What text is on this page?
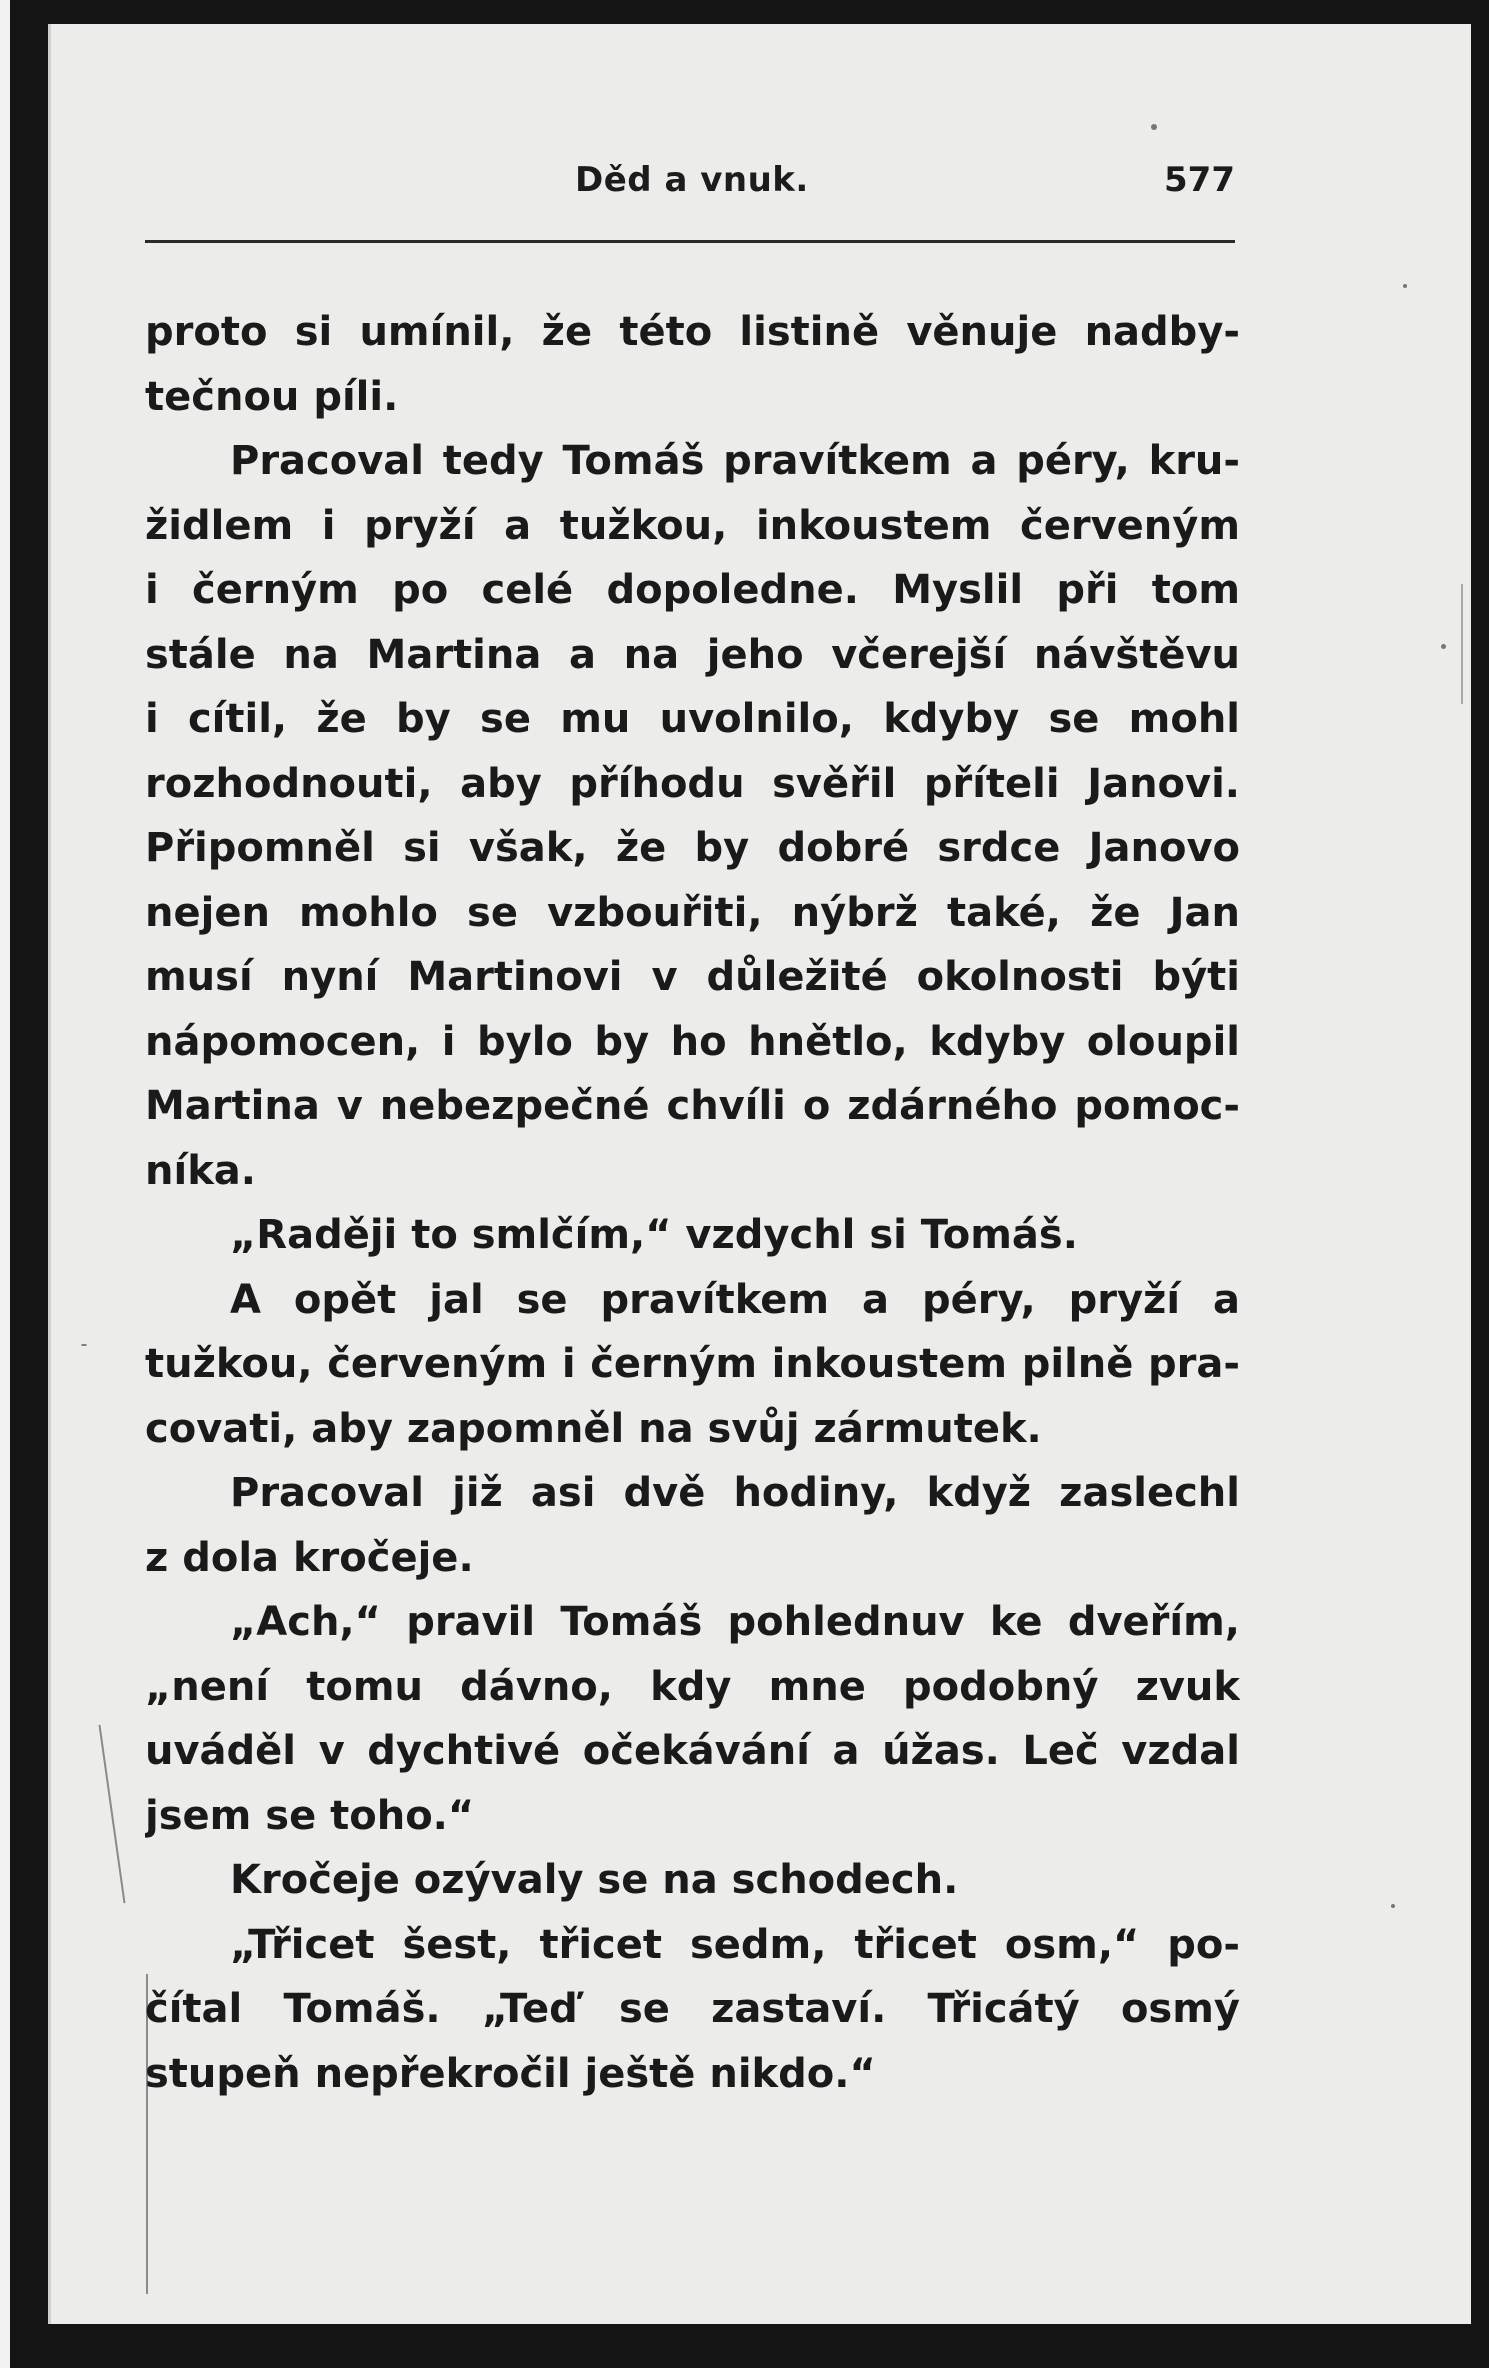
Děd a vnuk.	577
proto si umínil, že této listině věnuje nadby-
tečnou píli.
Pracoval tedy Tomáš pravítkem a péry, kru-
židlem i pryží a tužkou, inkoustem červeným
i černým po celé dopoledne. Myslil při tom
stále na Martina a na jeho včerejší návštěvu
i cítil, že by se mu uvolnilo, kdyby se mohl
rozhodnouti, aby příhodu svěřil příteli Janovi.
Připomněl si však, že by dobré srdce Janovo
nejen mohlo se vzbouřiti, nýbrž také, že Jan
musí nyní Martinovi v důležité okolnosti býti
nápomocen, i bylo by ho hnětlo, kdyby oloupil
Martina v nebezpečné chvíli o zdárného pomoc-
níka.
„Raději to smlčím,“ vzdychl si Tomáš.
A opět jal se pravítkem a péry, pryží a
tužkou, červeným i černým inkoustem pilně pra-
covati, aby zapomněl na svůj zármutek.
Pracoval již asi dvě hodiny, když zaslechl
z dola kročeje.
„Ach,“ pravil Tomáš pohlednuv ke dveřím,
„není tomu dávno, kdy mne podobný zvuk
uváděl v dychtivé očekávání a úžas. Leč vzdal
jsem se toho.“
Kročeje ozývaly se na schodech.
„Třicet šest, třicet sedm, třicet osm,“ po-
čítal Tomáš. „Teď se zastaví. Třicátý osmý
stupeň nepřekročil ještě nikdo.“
